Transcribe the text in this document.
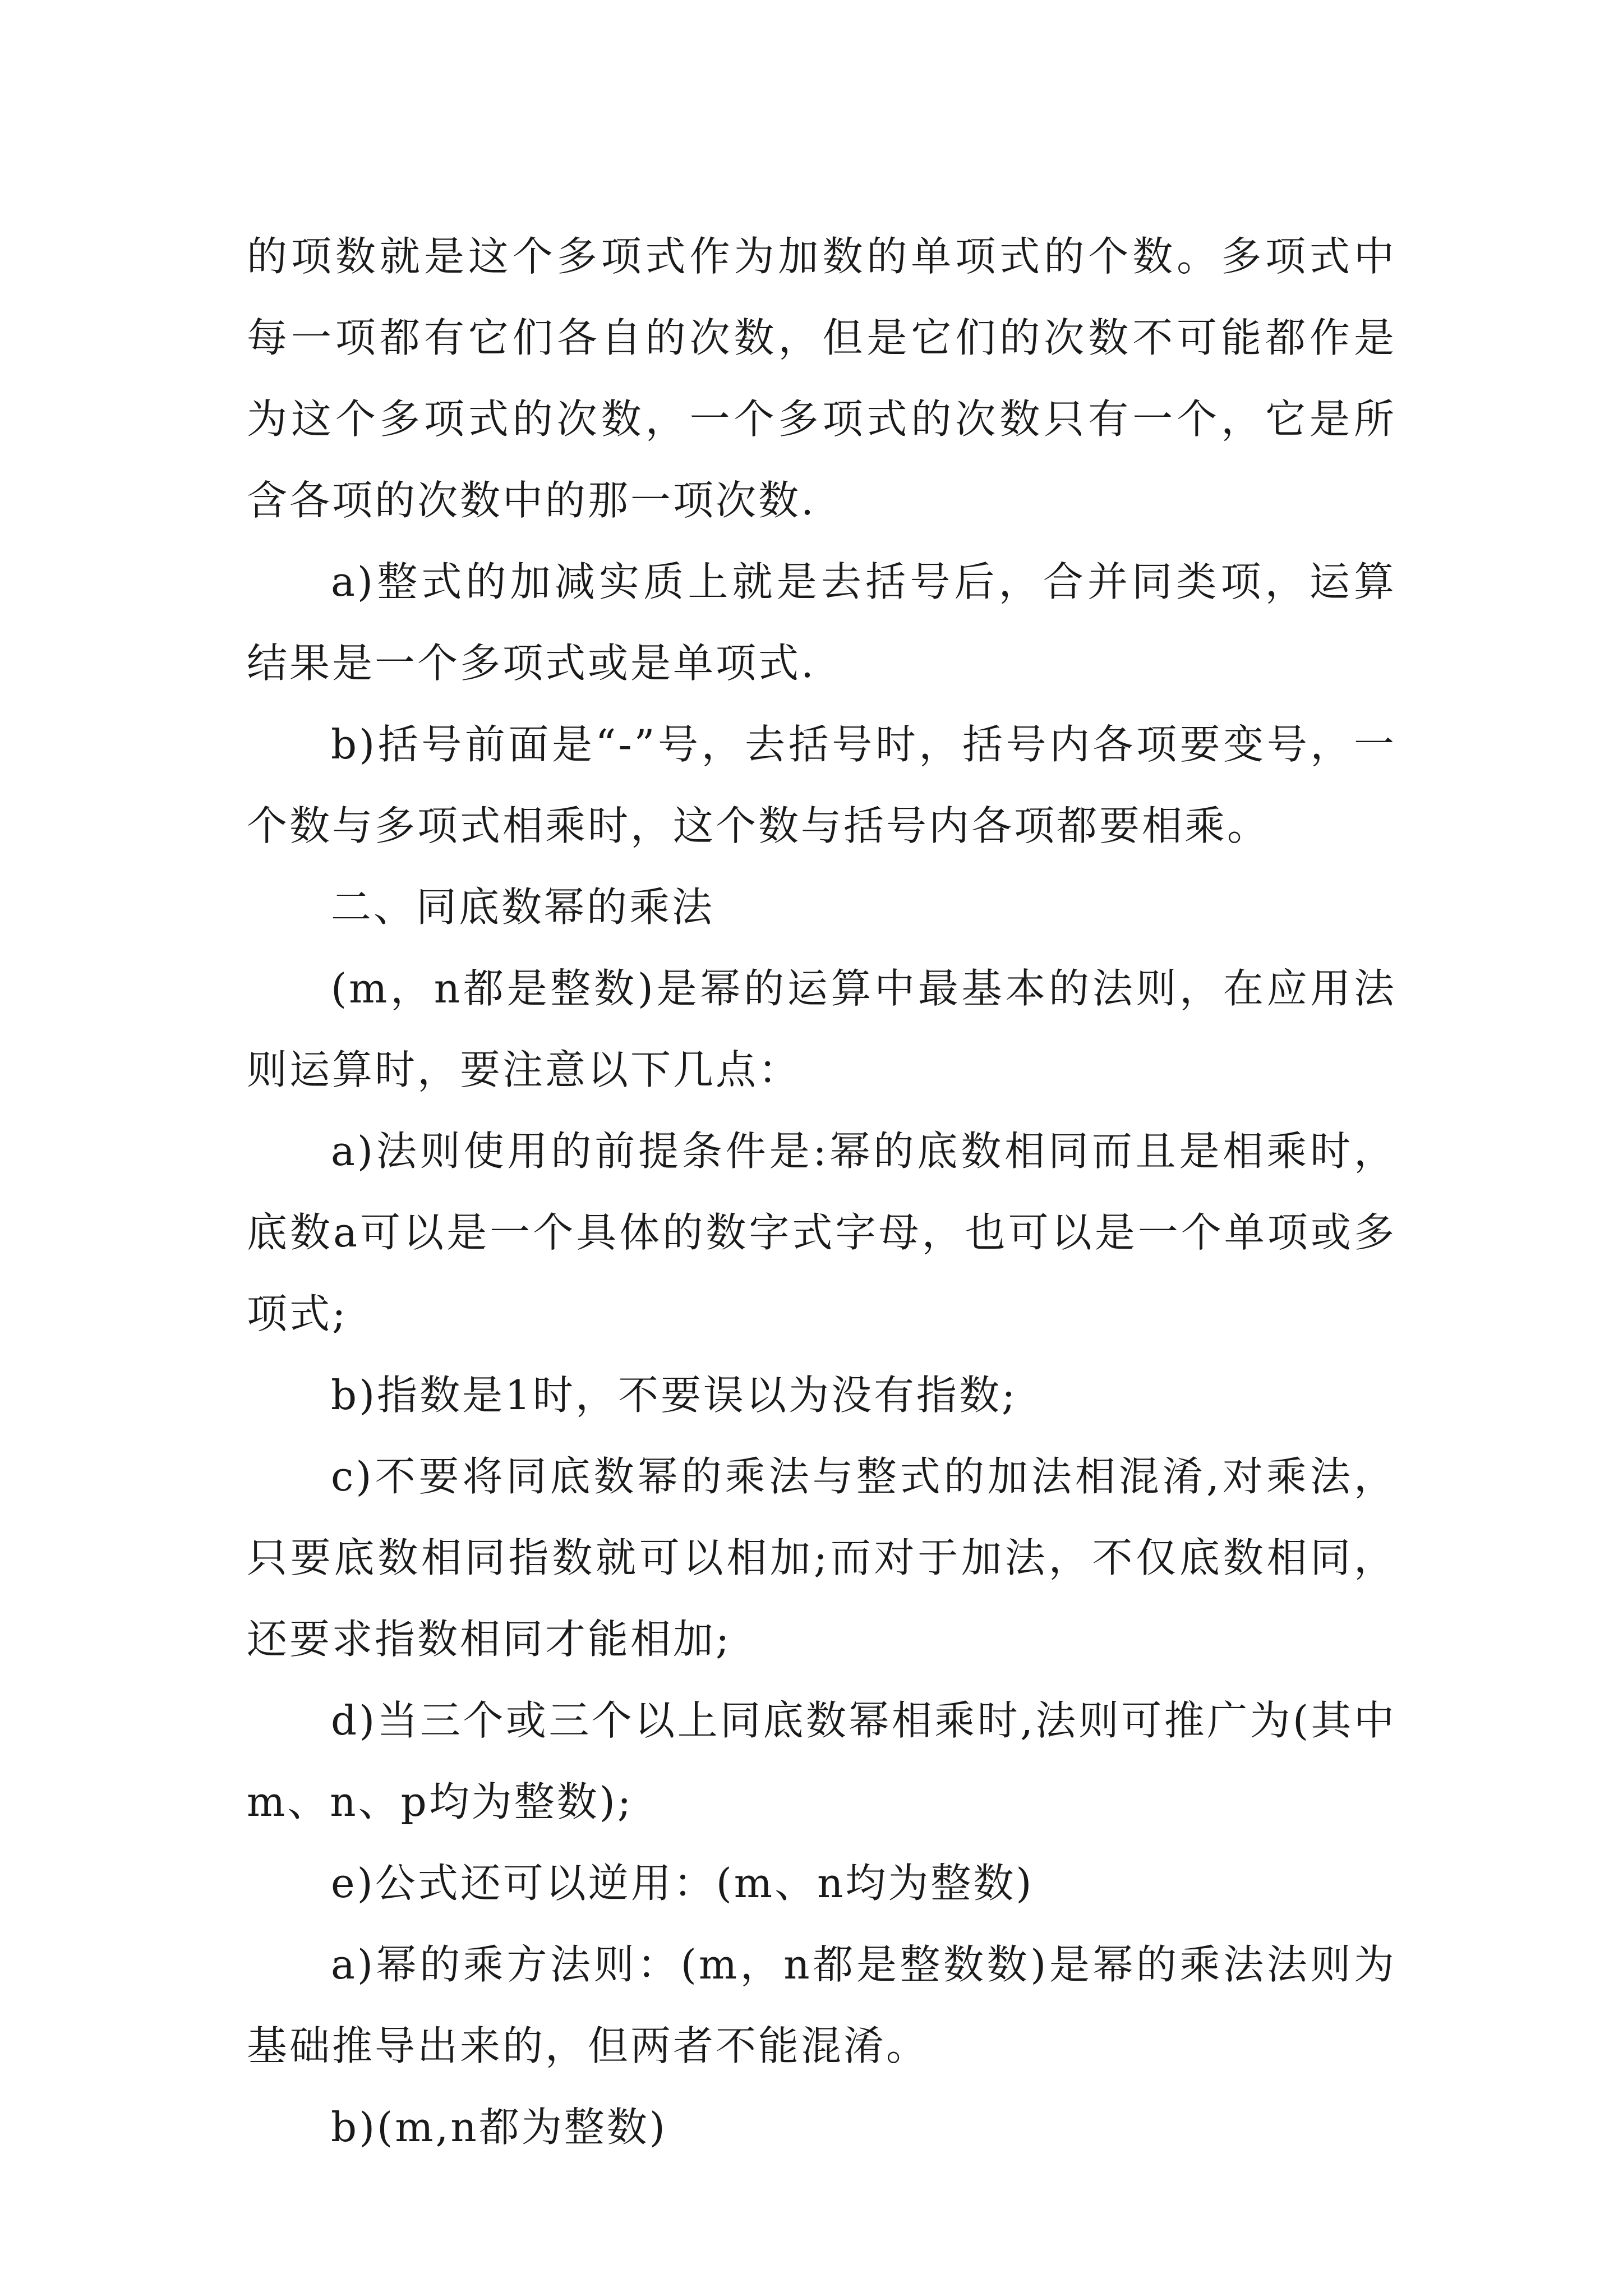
的项数就是这个多项式作为加数的单项式的个数。多项式中每一项都有它们各自的次数，但是它们的次数不可能都作是为这个多项式的次数，一个多项式的次数只有一个，它是所含各项的次数中的那一项次数.

a)整式的加减实质上就是去括号后，合并同类项，运算结果是一个多项式或是单项式.

b)括号前面是“-”号，去括号时，括号内各项要变号，一个数与多项式相乘时，这个数与括号内各项都要相乘。

二、同底数幂的乘法

(m，n都是整数)是幂的运算中最基本的法则，在应用法则运算时，要注意以下几点：

a)法则使用的前提条件是:幂的底数相同而且是相乘时，底数a可以是一个具体的数字式字母，也可以是一个单项或多项式;

b)指数是1时，不要误以为没有指数;

c)不要将同底数幂的乘法与整式的加法相混淆,对乘法，只要底数相同指数就可以相加;而对于加法，不仅底数相同，还要求指数相同才能相加;

d)当三个或三个以上同底数幂相乘时,法则可推广为(其中m、n、p均为整数);

e)公式还可以逆用：(m、n均为整数)

a)幂的乘方法则：(m，n都是整数数)是幂的乘法法则为基础推导出来的，但两者不能混淆。

b)(m,n都为整数)
